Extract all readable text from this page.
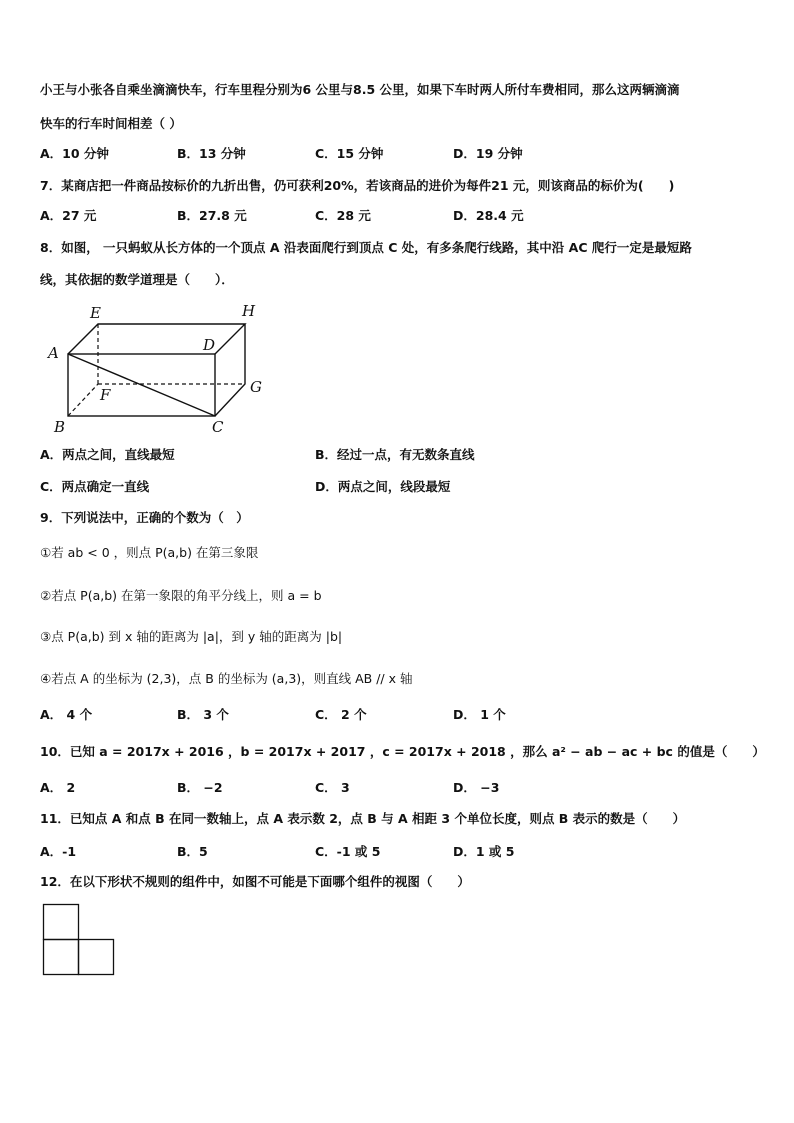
小王与小张各自乘坐滴滴快车，行车里程分别为6 公里与8.5 公里，如果下车时两人所付车费相同，那么这两辆滴滴
快车的行车时间相差（ ）
A．10 分钟	B．13 分钟	C．15 分钟	D．19 分钟
7．某商店把一件商品按标价的九折出售，仍可获利20%，若该商品的进价为每件21 元，则该商品的标价为(　　)
A．27 元	B．27.8 元	C．28 元	D．28.4 元
8．如图， 一只蚂蚁从长方体的一个顶点 A 沿表面爬行到顶点 C 处，有多条爬行线路，其中沿 AC 爬行一定是最短路
线，其依据的数学道理是（　　）．
E	H
A	D
G
F
B	C
A．两点之间，直线最短	B．经过一点，有无数条直线
C．两点确定一直线	D．两点之间，线段最短
9．下列说法中，正确的个数为（　）
①若 ab < 0 ，则点 P(a,b) 在第三象限
②若点 P(a,b) 在第一象限的角平分线上，则 a = b
③点 P(a,b) 到 x 轴的距离为 |a|，到 y 轴的距离为 |b|
④若点 A 的坐标为 (2,3)，点 B 的坐标为 (a,3)，则直线 AB // x 轴
A． 4 个	B． 3 个	C． 2 个	D． 1 个
10．已知 a = 2017x + 2016 ，b = 2017x + 2017 ，c = 2017x + 2018 ，那么 a² − ab − ac + bc 的值是（　　）
A． 2	B． −2	C． 3	D． −3
11．已知点 A 和点 B 在同一数轴上，点 A 表示数 2，点 B 与 A 相距 3 个单位长度，则点 B 表示的数是（　　）
A．-1	B．5	C．-1 或 5	D．1 或 5
12．在以下形状不规则的组件中，如图不可能是下面哪个组件的视图（　　）
